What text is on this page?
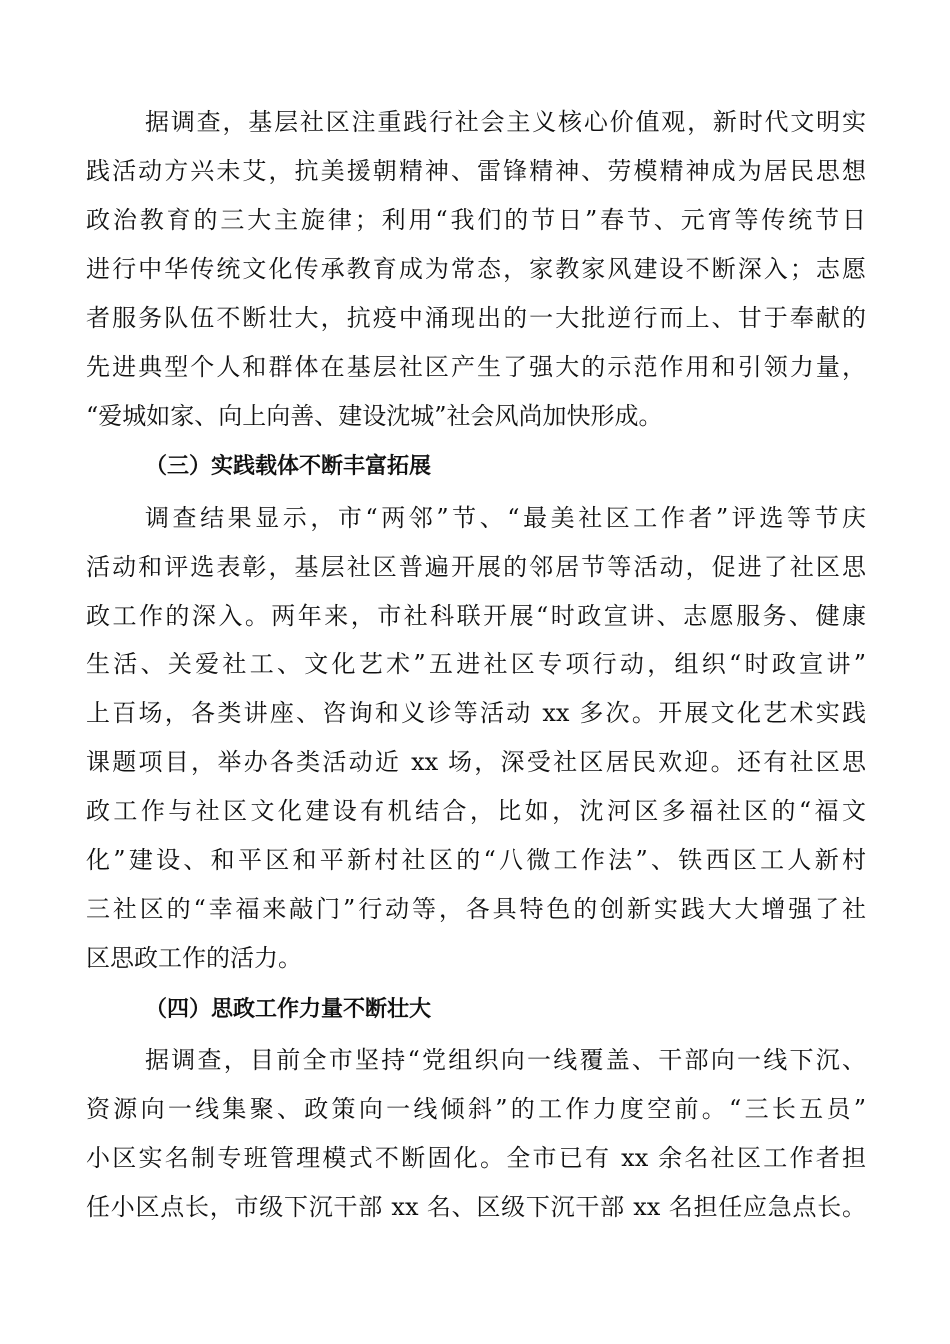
据调查，基层社区注重践行社会主义核心价值观，新时代文明实

践活动方兴未艾，抗美援朝精神、雷锋精神、劳模精神成为居民思想

政治教育的三大主旋律；利用“我们的节日”春节、元宵等传统节日

进行中华传统文化传承教育成为常态，家教家风建设不断深入；志愿

者服务队伍不断壮大，抗疫中涌现出的一大批逆行而上、甘于奉献的

先进典型个人和群体在基层社区产生了强大的示范作用和引领力量，

“爱城如家、向上向善、建设沈城”社会风尚加快形成。

（三）实践载体不断丰富拓展

调查结果显示，市“两邻”节、“最美社区工作者”评选等节庆

活动和评选表彰，基层社区普遍开展的邻居节等活动，促进了社区思

政工作的深入。两年来，市社科联开展“时政宣讲、志愿服务、健康

生活、关爱社工、文化艺术”五进社区专项行动，组织“时政宣讲”

上百场，各类讲座、咨询和义诊等活动 xx 多次。开展文化艺术实践

课题项目，举办各类活动近 xx 场，深受社区居民欢迎。还有社区思

政工作与社区文化建设有机结合，比如，沈河区多福社区的“福文

化”建设、和平区和平新村社区的“八微工作法”、铁西区工人新村

三社区的“幸福来敲门”行动等，各具特色的创新实践大大增强了社

区思政工作的活力。

（四）思政工作力量不断壮大

据调查，目前全市坚持“党组织向一线覆盖、干部向一线下沉、

资源向一线集聚、政策向一线倾斜”的工作力度空前。“三长五员”

小区实名制专班管理模式不断固化。全市已有 xx 余名社区工作者担

任小区点长，市级下沉干部 xx 名、区级下沉干部 xx 名担任应急点长。
